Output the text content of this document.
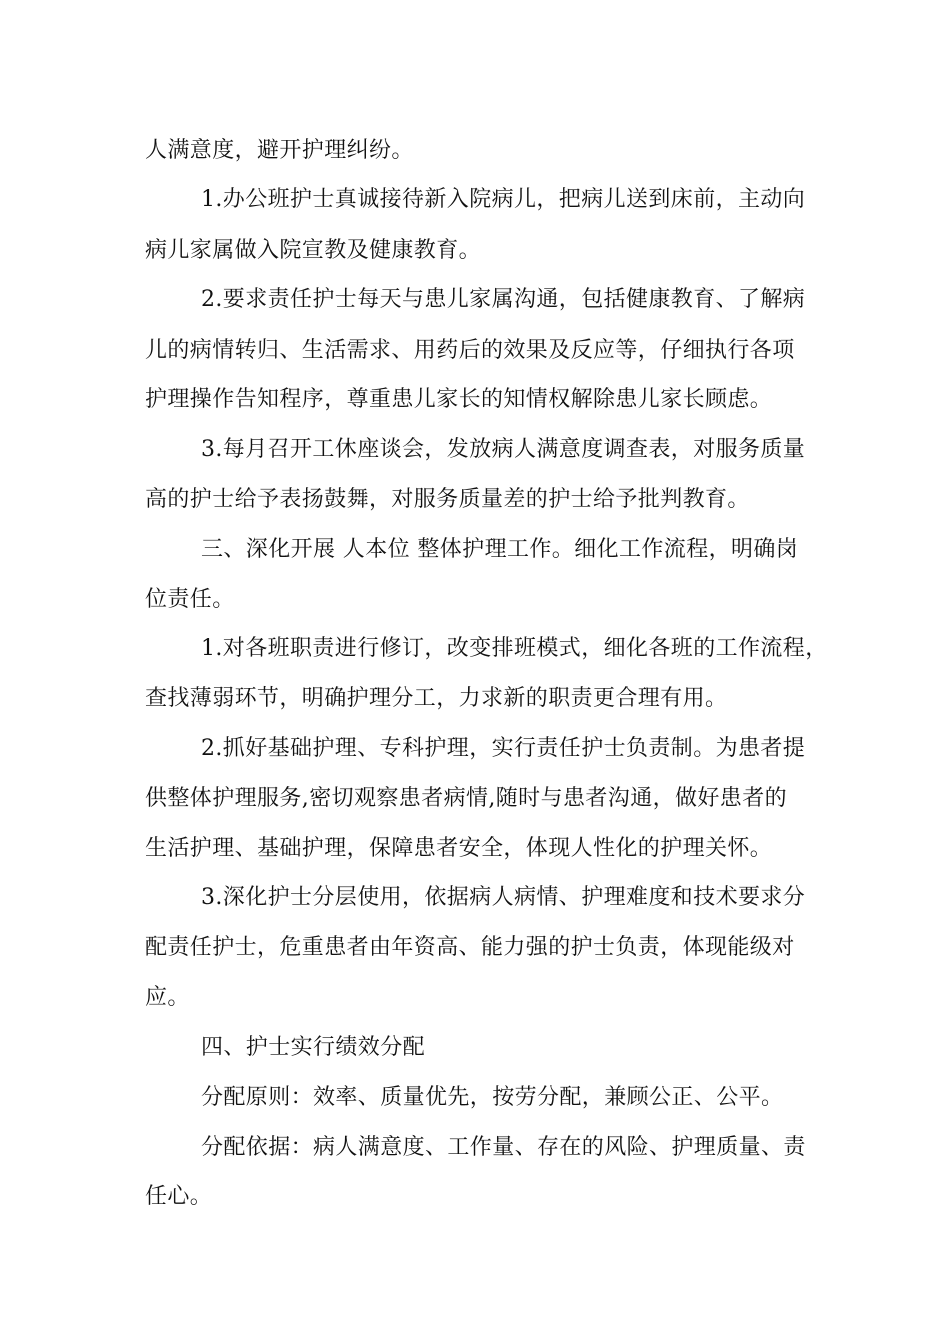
人满意度，避开护理纠纷。
1.办公班护士真诚接待新入院病儿，把病儿送到床前，主动向
病儿家属做入院宣教及健康教育。
2.要求责任护士每天与患儿家属沟通，包括健康教育、了解病
儿的病情转归、生活需求、用药后的效果及反应等，仔细执行各项
护理操作告知程序，尊重患儿家长的知情权解除患儿家长顾虑。
3.每月召开工休座谈会，发放病人满意度调查表，对服务质量
高的护士给予表扬鼓舞，对服务质量差的护士给予批判教育。
三、深化开展 人本位 整体护理工作。细化工作流程，明确岗
位责任。
1.对各班职责进行修订，改变排班模式，细化各班的工作流程，
查找薄弱环节，明确护理分工，力求新的职责更合理有用。
2.抓好基础护理、专科护理，实行责任护士负责制。为患者提
供整体护理服务,密切观察患者病情,随时与患者沟通，做好患者的
生活护理、基础护理，保障患者安全，体现人性化的护理关怀。
3.深化护士分层使用，依据病人病情、护理难度和技术要求分
配责任护士，危重患者由年资高、能力强的护士负责，体现能级对
应。
四、护士实行绩效分配
分配原则：效率、质量优先，按劳分配，兼顾公正、公平。
分配依据：病人满意度、工作量、存在的风险、护理质量、责
任心。
